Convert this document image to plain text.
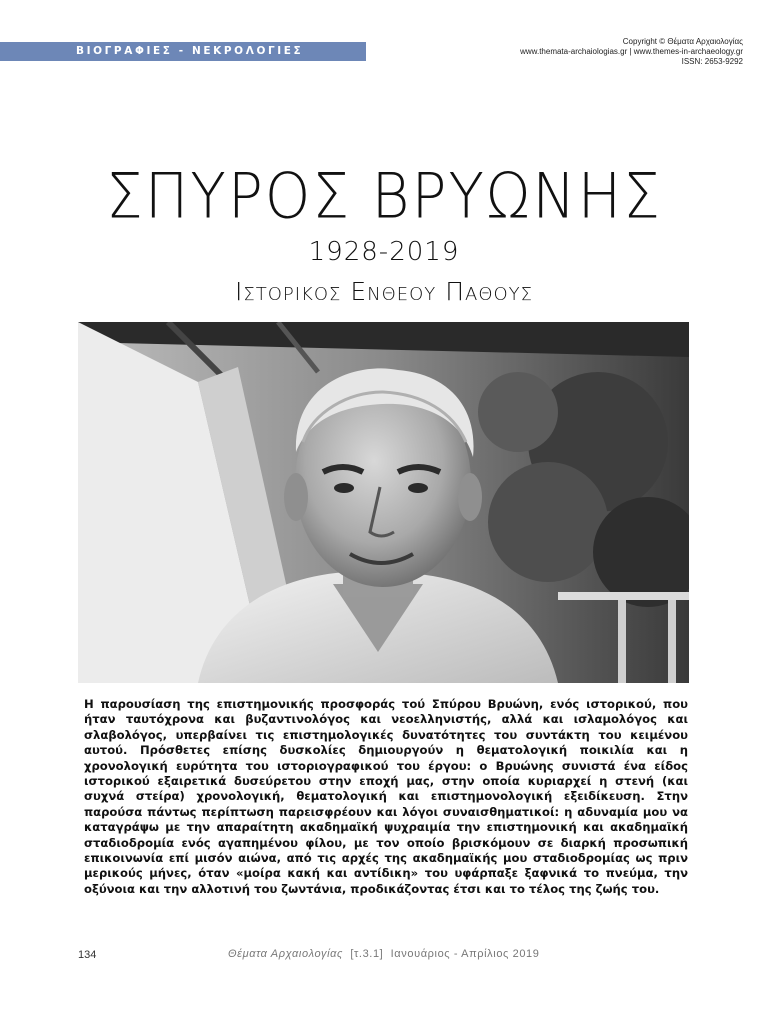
ΒΙΟΓΡΑΦΙΕΣ - ΝΕΚΡΟΛΟΓΙΕΣ
Copyright © Θέματα Αρχαιολογίας
www.themata-archaiologias.gr | www.themes-in-archaeology.gr
ISSN: 2653-9292
ΣΠΥΡΟΣ ΒΡΥΩΝΗΣ
1928-2019
Ιστορικος Ενθεου Παθους
Η παρουσίαση της επιστημονικής προσφοράς τού Σπύρου Βρυώνη, ενός ιστορικού, που ήταν ταυτόχρονα και βυζαντινολόγος και νεοελληνιστής, αλλά και ισλαμολόγος και σλαβολόγος, υπερβαίνει τις επιστημολογικές δυνατότητες του συντάκτη του κειμένου αυτού. Πρόσθετες επίσης δυσκολίες δημιουργούν η θεματολογική ποικιλία και η χρονολογική ευρύτητα του ιστοριογραφικού του έργου: ο Βρυώνης συνιστά ένα είδος ιστορικού εξαιρετικά δυσεύρετου στην εποχή μας, στην οποία κυριαρχεί η στενή (και συχνά στείρα) χρονολογική, θεματολογική και επιστημονολογική εξειδίκευση. Στην παρούσα πάντως περίπτωση παρεισφρέουν και λόγοι συναισθηματικοί: η αδυναμία μου να καταγράψω με την απαραίτητη ακαδημαϊκή ψυχραιμία την επιστημονική και ακαδημαϊκή σταδιοδρομία ενός αγαπημένου φίλου, με τον οποίο βρισκόμουν σε διαρκή προσωπική επικοινωνία επί μισόν αιώνα, από τις αρχές της ακαδημαϊκής μου σταδιοδρομίας ως πριν μερικούς μήνες, όταν «μοίρα κακή και αντίδικη» του υφάρπαξε ξαφνικά το πνεύμα, την οξύνοια και την αλλοτινή του ζωντάνια, προδικάζοντας έτσι και το τέλος της ζωής του.
134	Θέματα Αρχαιολογίας [τ.3.1] Ιανουάριος - Απρίλιος 2019
